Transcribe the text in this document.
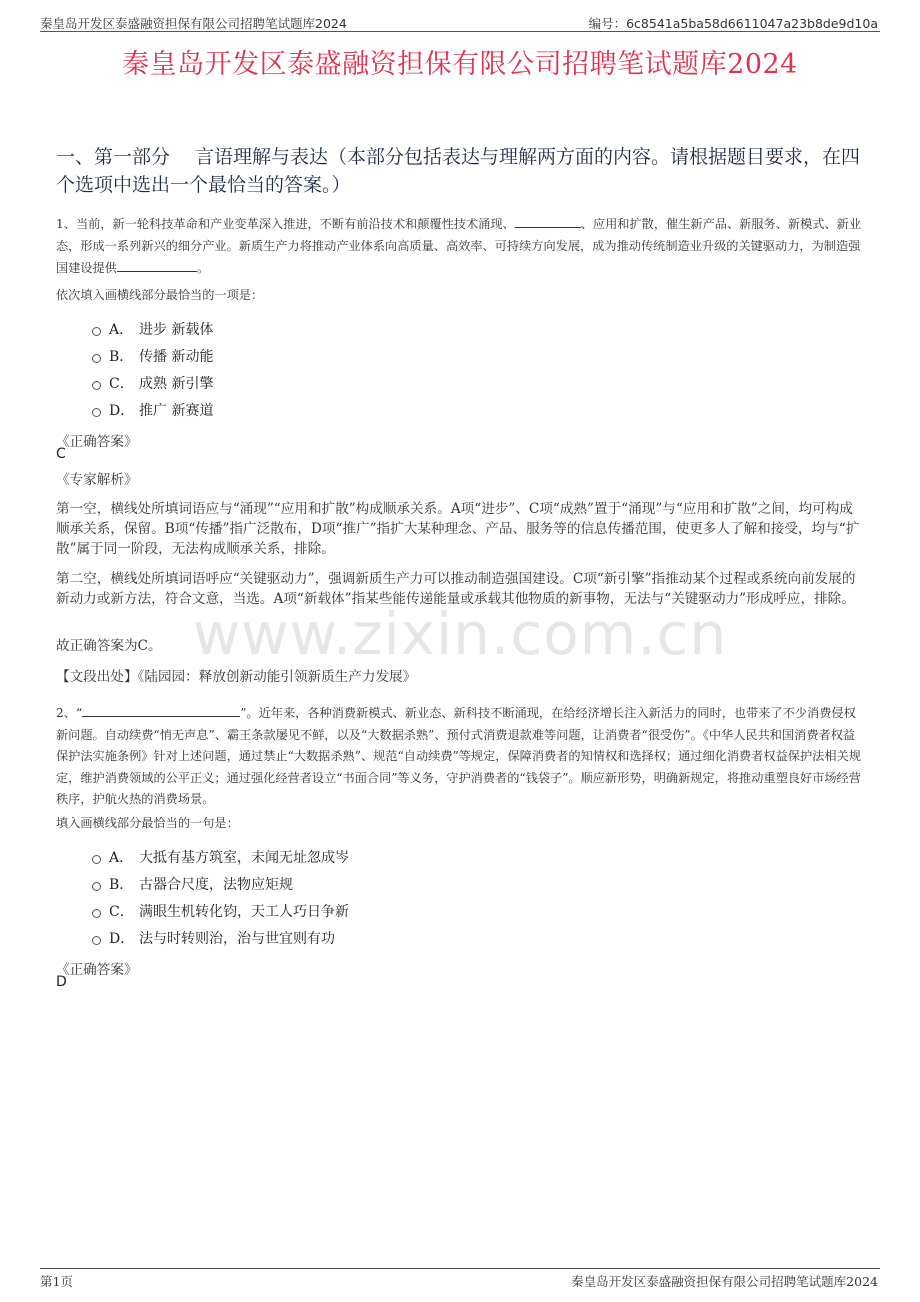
秦皇岛开发区泰盛融资担保有限公司招聘笔试题库2024	编号：6c8541a5ba58d6611047a23b8de9d10a
秦皇岛开发区泰盛融资担保有限公司招聘笔试题库2024
一、第一部分　 言语理解与表达（本部分包括表达与理解两方面的内容。请根据题目要求，在四个选项中选出一个最恰当的答案。）
1、当前，新一轮科技革命和产业变革深入推进，不断有前沿技术和颠覆性技术涌现、	、应用和扩散，催生新产品、新服务、新模式、新业态，形成一系列新兴的细分产业。新质生产力将推动产业体系向高质量、高效率、可持续方向发展，成为推动传统制造业升级的关键驱动力，为制造强国建设提供	。
依次填入画横线部分最恰当的一项是：
A． 进步 新载体
B． 传播 新动能
C． 成熟 新引擎
D． 推广 新赛道
《正确答案》
C
《专家解析》
第一空，横线处所填词语应与“涌现”“应用和扩散”构成顺承关系。A项“进步”、C项“成熟”置于“涌现”与“应用和扩散”之间，均可构成顺承关系，保留。B项“传播”指广泛散布，D项“推广”指扩大某种理念、产品、服务等的信息传播范围，使更多人了解和接受，均与“扩散”属于同一阶段，无法构成顺承关系，排除。
第二空，横线处所填词语呼应“关键驱动力”，强调新质生产力可以推动制造强国建设。C项“新引擎”指推动某个过程或系统向前发展的新动力或新方法，符合文意，当选。A项“新载体”指某些能传递能量或承载其他物质的新事物，无法与“关键驱动力”形成呼应，排除。
故正确答案为C。
【文段出处】《陆园园：释放创新动能引领新质生产力发展》
www.zixin.com.cn
2、“	”。近年来，各种消费新模式、新业态、新科技不断涌现，在给经济增长注入新活力的同时，也带来了不少消费侵权新问题。自动续费“悄无声息”、霸王条款屡见不鲜，以及“大数据杀熟”、预付式消费退款难等问题，让消费者“很受伤”。《中华人民共和国消费者权益保护法实施条例》针对上述问题，通过禁止“大数据杀熟”、规范“自动续费”等规定，保障消费者的知情权和选择权；通过细化消费者权益保护法相关规定，维护消费领域的公平正义；通过强化经营者设立“书面合同”等义务，守护消费者的“钱袋子”。顺应新形势，明确新规定，将推动重塑良好市场经营秩序，护航火热的消费场景。
填入画横线部分最恰当的一句是：
A． 大抵有基方筑室，未闻无址忽成岑
B． 古器合尺度，法物应矩规
C． 满眼生机转化钧，天工人巧日争新
D． 法与时转则治，治与世宜则有功
《正确答案》
D
第1页	秦皇岛开发区泰盛融资担保有限公司招聘笔试题库2024
